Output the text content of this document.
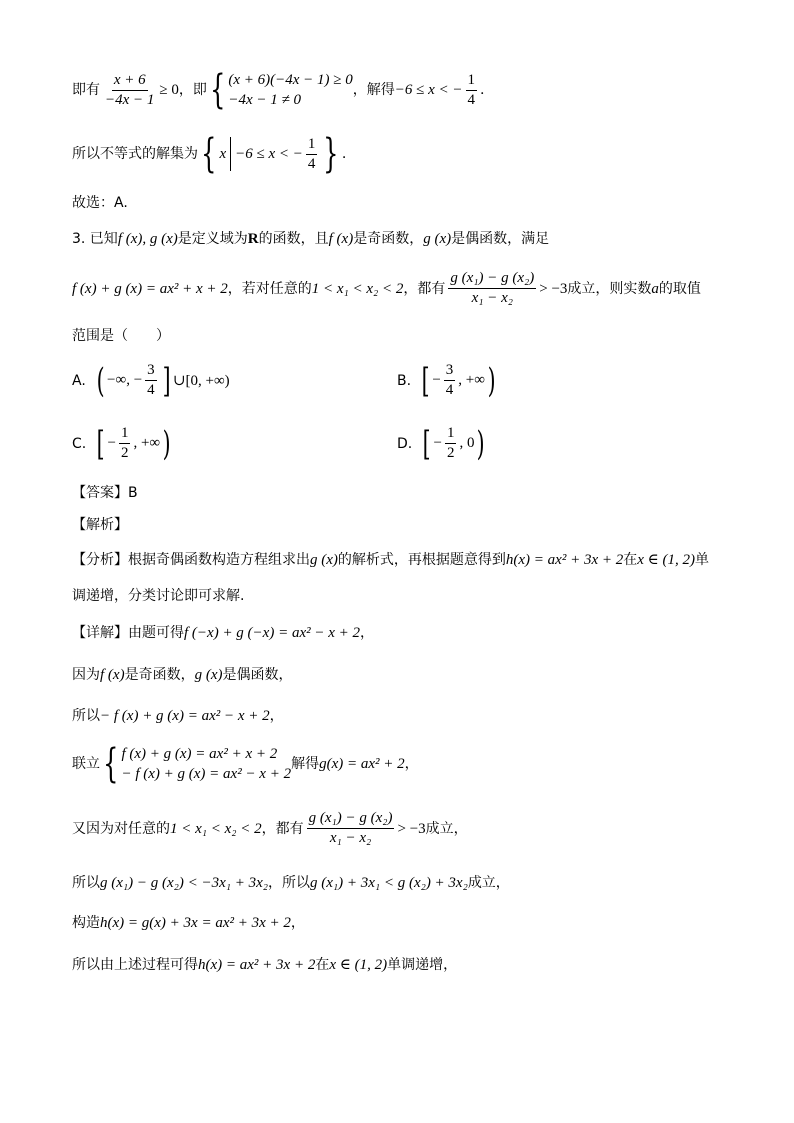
即有 $\frac{x + 6}{-4x - 1} \ge 0$ ，即 { (x + 6)(−4x − 1) ≥ 0
−4x − 1 ≠ 0
，解得 −6 ≤ x < − $\frac{1}{4}$ .
所以不等式的解集为 { x −6 ≤ x < − $\frac{1}{4}$ } .
故选：A.
3. 已知 f (x), g (x) 是定义域为 R 的函数，且 f (x) 是奇函数， g (x) 是偶函数，满足
f (x) + g (x) = ax² + x + 2 ，若对任意的 1 < x₁ < x₂ < 2 ，都有 $\frac{\text{g (x₁) − g (x₂)}}{\text{x₁ − x₂}} > -3$ 成立，则实数 a 的取值
范围是（　　）
A. ( −∞, − $\frac{3}{4}$ ] ∪[0, +∞)	B. [ − $\frac{3}{4}$ , +∞ )
C. [ − $\frac{1}{2}$ , +∞ )	D. [ − $\frac{1}{2}$ , 0 )
【答案】 B
【解析】
【分析】 根据奇偶函数构造方程组求出 g (x) 的解析式，再根据题意得到 h(x) = ax² + 3x + 2 在 x ∈ (1, 2) 单
调递增，分类讨论即可求解.
【详解】 由题可得 f (−x) + g (−x) = ax² − x + 2 ，
因为 f (x) 是奇函数， g (x) 是偶函数，
所以 − f (x) + g (x) = ax² − x + 2 ，
联立 { f (x) + g (x) = ax² + x + 2
− f (x) + g (x) = ax² − x + 2
解得 g(x) = ax² + 2 ，
又因为对任意的 1 < x₁ < x₂ < 2 ，都有 $\frac{\text{g (x₁) − g (x₂)}}{\text{x₁ − x₂}} > -3$ 成立，
所以 g (x₁) − g (x₂) < −3x₁ + 3x₂ ，所以 g (x₁) + 3x₁ < g (x₂) + 3x₂ 成立，
构造 h(x) = g(x) + 3x = ax² + 3x + 2 ，
所以由上述过程可得 h(x) = ax² + 3x + 2 在 x ∈ (1, 2) 单调递增，
